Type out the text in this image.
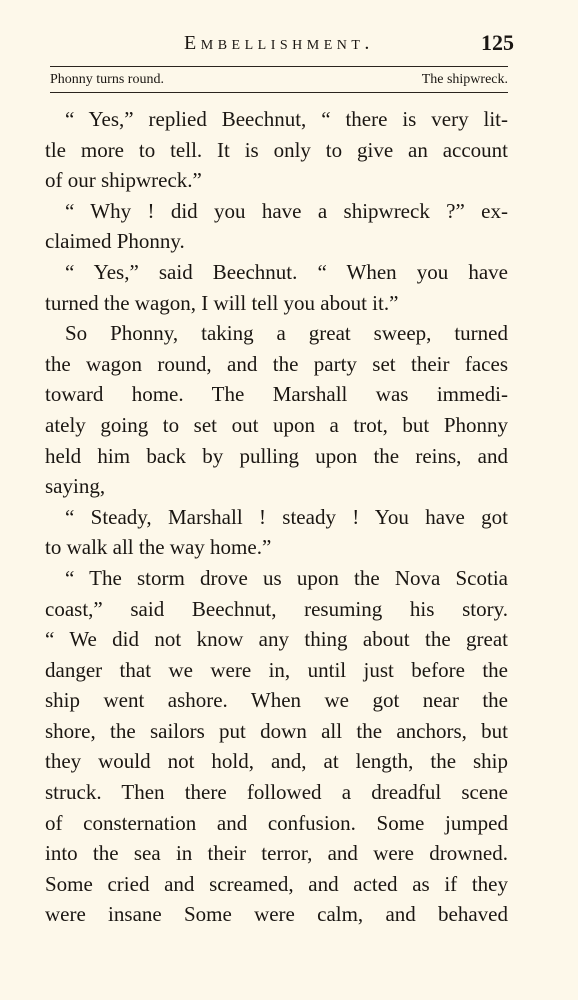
Embellishment.	125
Phonny turns round.	The shipwreck.
“ Yes,” replied Beechnut, “ there is very lit-
tle more to tell. It is only to give an account
of our shipwreck.”
“ Why ! did you have a shipwreck ?” ex-
claimed Phonny.
“ Yes,” said Beechnut. “ When you have
turned the wagon, I will tell you about it.”
So Phonny, taking a great sweep, turned
the wagon round, and the party set their faces
toward home. The Marshall was immedi-
ately going to set out upon a trot, but Phonny
held him back by pulling upon the reins, and
saying,
“ Steady, Marshall ! steady ! You have got
to walk all the way home.”
“ The storm drove us upon the Nova Scotia
coast,” said Beechnut, resuming his story.
“ We did not know any thing about the great
danger that we were in, until just before the
ship went ashore. When we got near the
shore, the sailors put down all the anchors, but
they would not hold, and, at length, the ship
struck. Then there followed a dreadful scene
of consternation and confusion. Some jumped
into the sea in their terror, and were drowned.
Some cried and screamed, and acted as if they
were insane Some were calm, and behaved
